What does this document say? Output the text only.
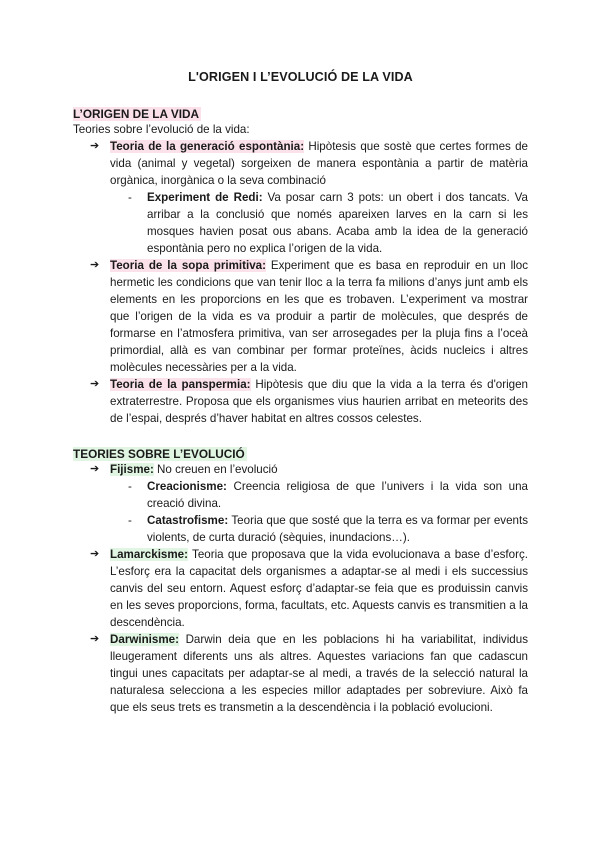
L'ORIGEN I L’EVOLUCIÓ DE LA VIDA
L’ORIGEN DE LA VIDA
Teories sobre l’evolució de la vida:
➔ Teoria de la generació espontània: Hipòtesis que sostè que certes formes de vida (animal y vegetal) sorgeixen de manera espontània a partir de matèria orgànica, inorgànica o la seva combinació
- Experiment de Redi: Va posar carn 3 pots: un obert i dos tancats. Va arribar a la conclusió que només apareixen larves en la carn si les mosques havien posat ous abans. Acaba amb la idea de la generació espontània pero no explica l’origen de la vida.
➔ Teoria de la sopa primitiva: Experiment que es basa en reproduir en un lloc hermetic les condicions que van tenir lloc a la terra fa milions d’anys junt amb els elements en les proporcions en les que es trobaven. L’experiment va mostrar que l’origen de la vida es va produir a partir de molècules, que després de formarse en l’atmosfera primitiva, van ser arrosegades per la pluja fins a l’oceà primordial, allà es van combinar per formar proteïnes, àcids nucleics i altres molècules necessàries per a la vida.
➔ Teoria de la panspermia: Hipòtesis que diu que la vida a la terra és d'origen extraterrestre. Proposa que els organismes vius haurien arribat en meteorits des de l’espai, després d’haver habitat en altres cossos celestes.
TEORIES SOBRE L’EVOLUCIÓ
➔ Fijisme: No creuen en l’evolució
- Creacionisme: Creencia religiosa de que l’univers i la vida son una creació divina.
- Catastrofisme: Teoria que que sosté que la terra es va formar per events violents, de curta duració (sèquies, inundacions…).
➔ Lamarckisme: Teoria que proposava que la vida evolucionava a base d’esforç. L’esforç era la capacitat dels organismes a adaptar-se al medi i els successius canvis del seu entorn. Aquest esforç d’adaptar-se feia que es produissin canvis en les seves proporcions, forma, facultats, etc. Aquests canvis es transmitien a la descendència.
➔ Darwinisme: Darwin deia que en les poblacions hi ha variabilitat, individus lleugerament diferents uns als altres. Aquestes variacions fan que cadascun tingui unes capacitats per adaptar-se al medi, a través de la selecció natural la naturalesa selecciona a les especies millor adaptades per sobreviure. Això fa que els seus trets es transmetin a la descendència i la població evolucioni.
